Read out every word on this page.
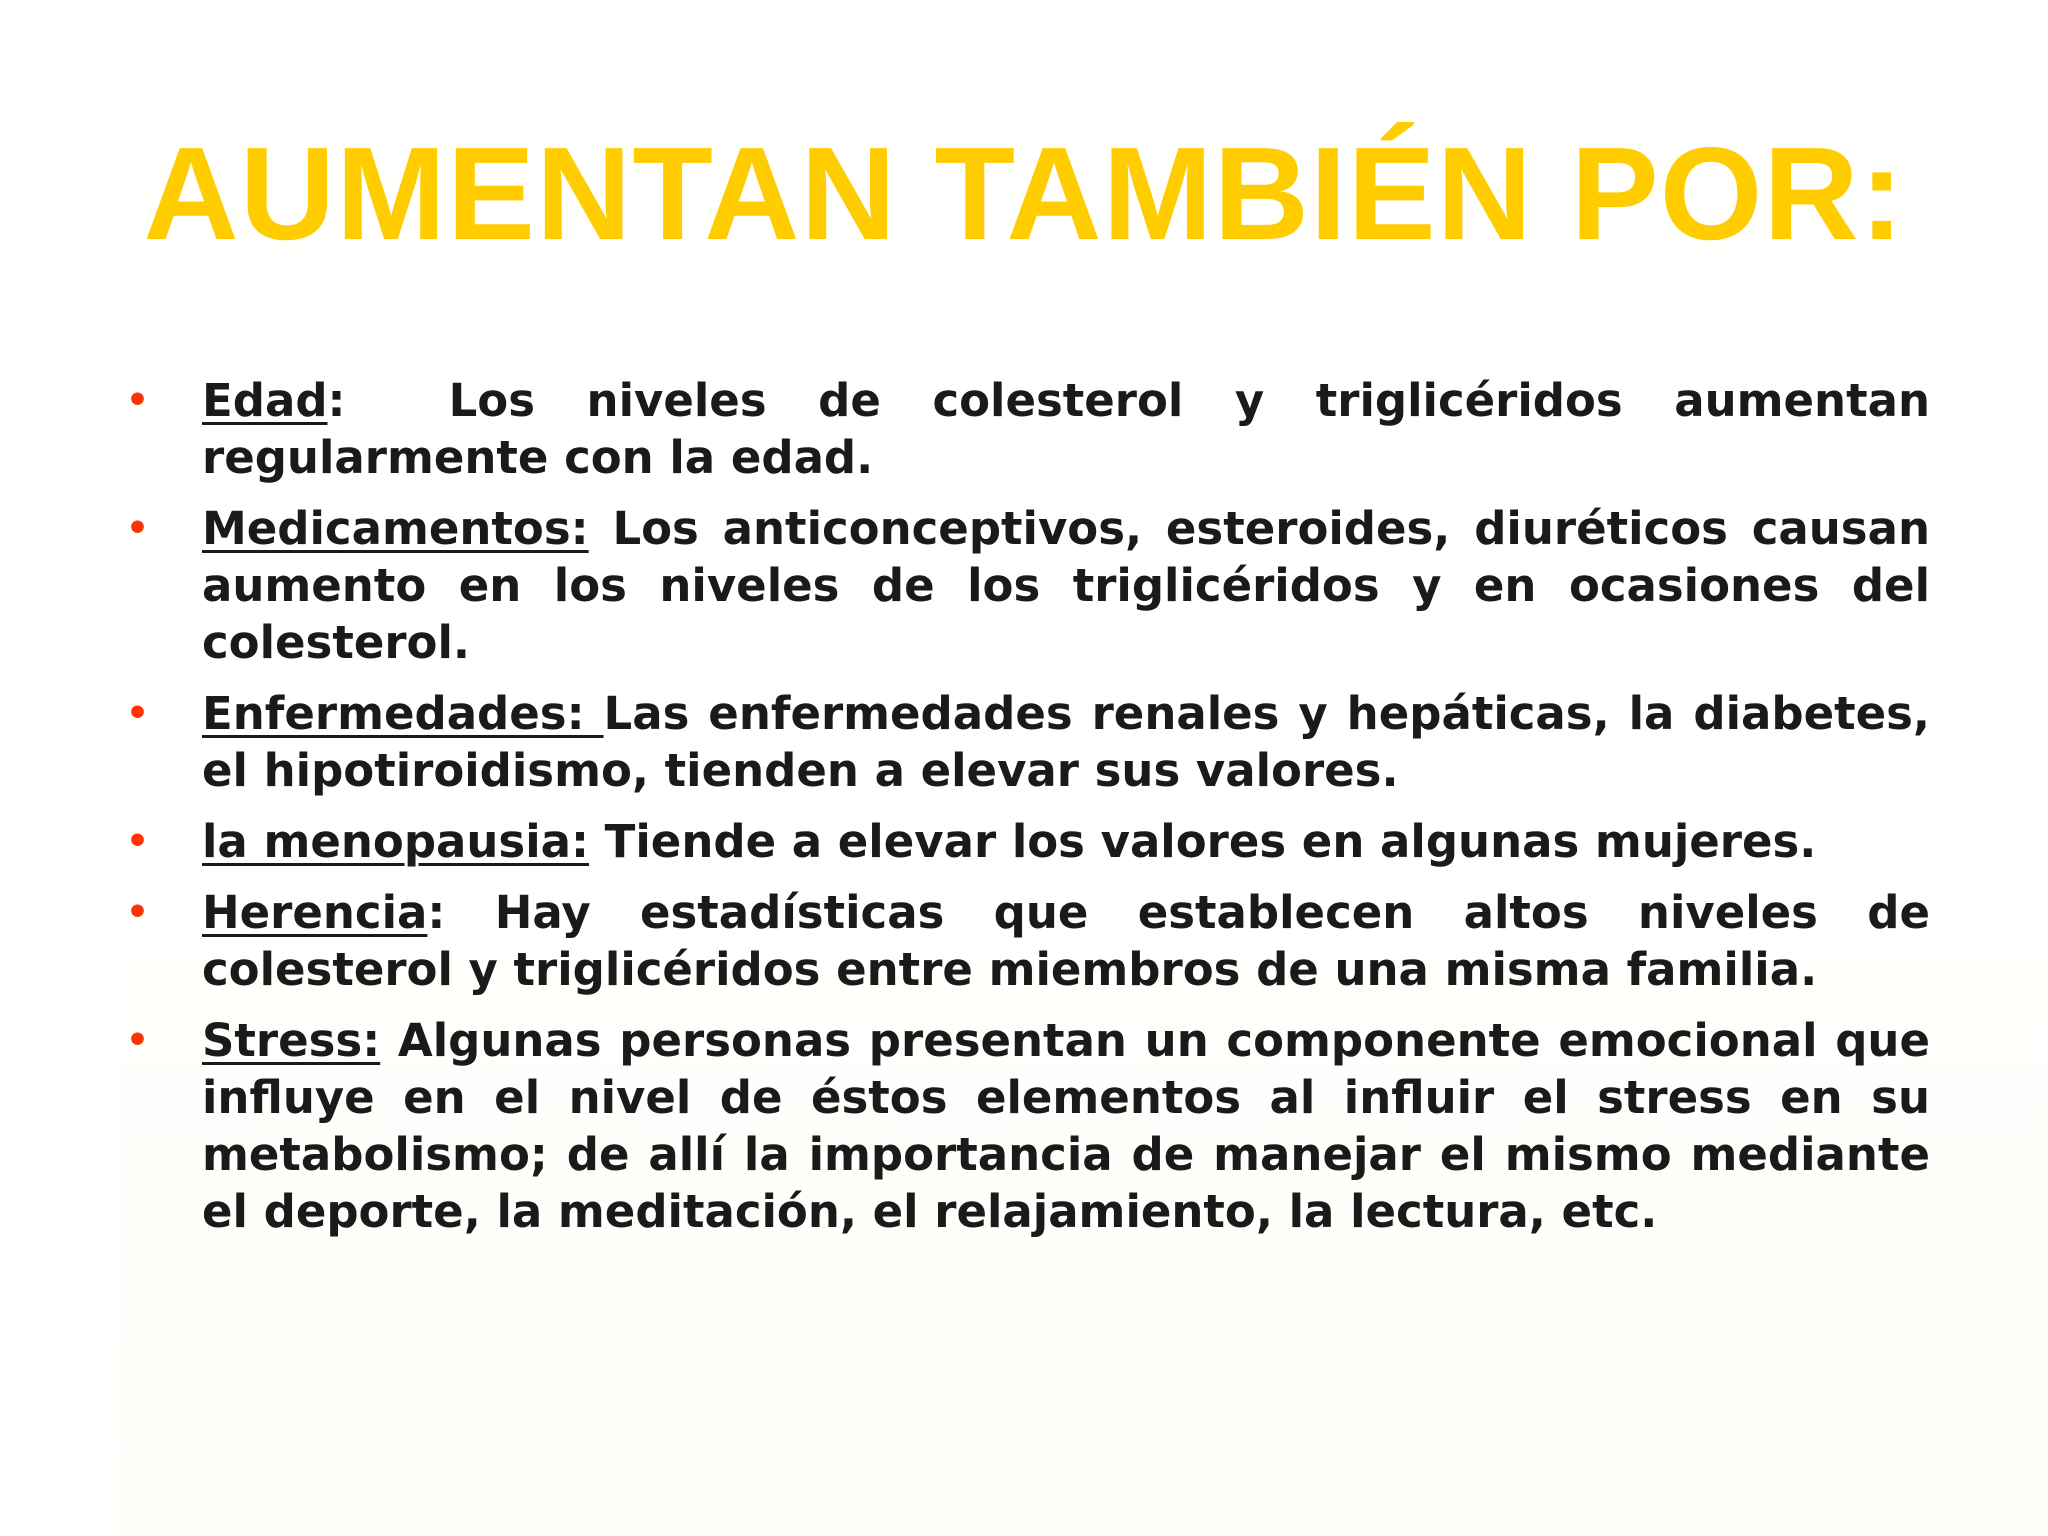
AUMENTAN TAMBIÉN POR:
• Edad:  Los niveles de colesterol y triglicéridos aumentan regularmente con la edad.
• Medicamentos: Los anticonceptivos, esteroides, diuréticos causan aumento en los niveles de los triglicéridos y en ocasiones del colesterol.
• Enfermedades: Las enfermedades renales y hepáticas, la diabetes, el hipotiroidismo, tienden a elevar sus valores.
• la menopausia: Tiende a elevar los valores en algunas mujeres.
• Herencia: Hay estadísticas que establecen altos niveles de colesterol y triglicéridos entre miembros de una misma familia.
• Stress: Algunas personas presentan un componente emocional que influye en el nivel de éstos elementos al influir el stress en su metabolismo; de allí la importancia de manejar el mismo mediante el deporte, la meditación, el relajamiento, la lectura, etc.
